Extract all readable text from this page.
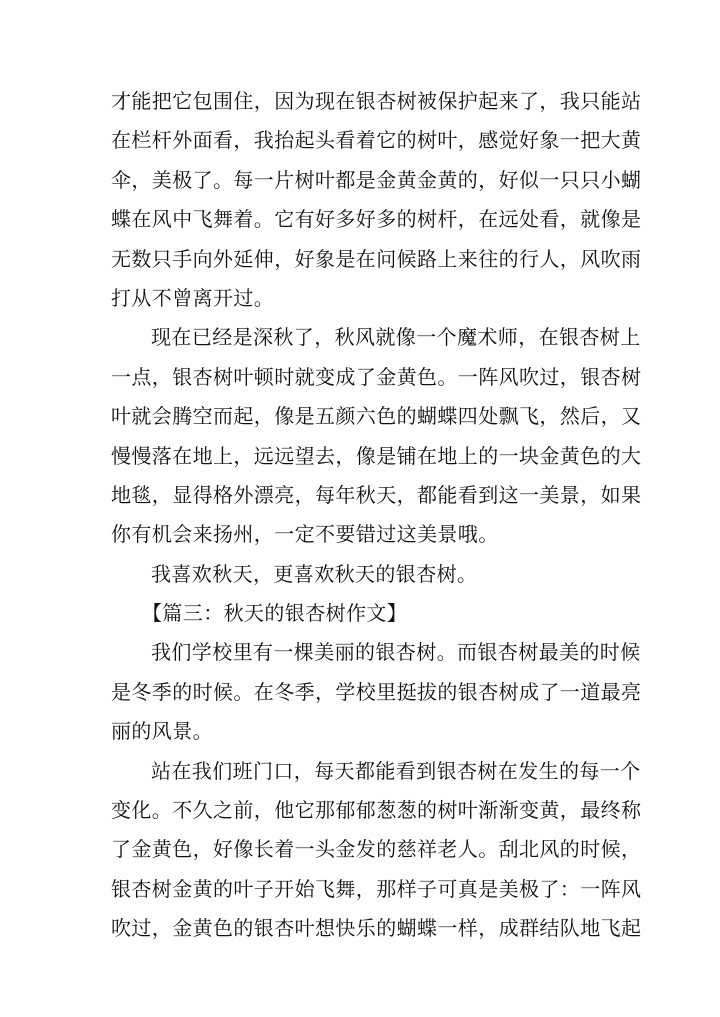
才能把它包围住，因为现在银杏树被保护起来了，我只能站
在栏杆外面看，我抬起头看着它的树叶，感觉好象一把大黄
伞，美极了。每一片树叶都是金黄金黄的，好似一只只小蝴
蝶在风中飞舞着。它有好多好多的树杆，在远处看，就像是
无数只手向外延伸，好象是在问候路上来往的行人，风吹雨
打从不曾离开过。
现在已经是深秋了，秋风就像一个魔术师，在银杏树上
一点，银杏树叶顿时就变成了金黄色。一阵风吹过，银杏树
叶就会腾空而起，像是五颜六色的蝴蝶四处飘飞，然后，又
慢慢落在地上，远远望去，像是铺在地上的一块金黄色的大
地毯，显得格外漂亮，每年秋天，都能看到这一美景，如果
你有机会来扬州，一定不要错过这美景哦。
我喜欢秋天，更喜欢秋天的银杏树。
【篇三：秋天的银杏树作文】
我们学校里有一棵美丽的银杏树。而银杏树最美的时候
是冬季的时候。在冬季，学校里挺拔的银杏树成了一道最亮
丽的风景。
站在我们班门口，每天都能看到银杏树在发生的每一个
变化。不久之前，他它那郁郁葱葱的树叶渐渐变黄，最终称
了金黄色，好像长着一头金发的慈祥老人。刮北风的时候，
银杏树金黄的叶子开始飞舞，那样子可真是美极了：一阵风
吹过，金黄色的银杏叶想快乐的蝴蝶一样，成群结队地飞起
